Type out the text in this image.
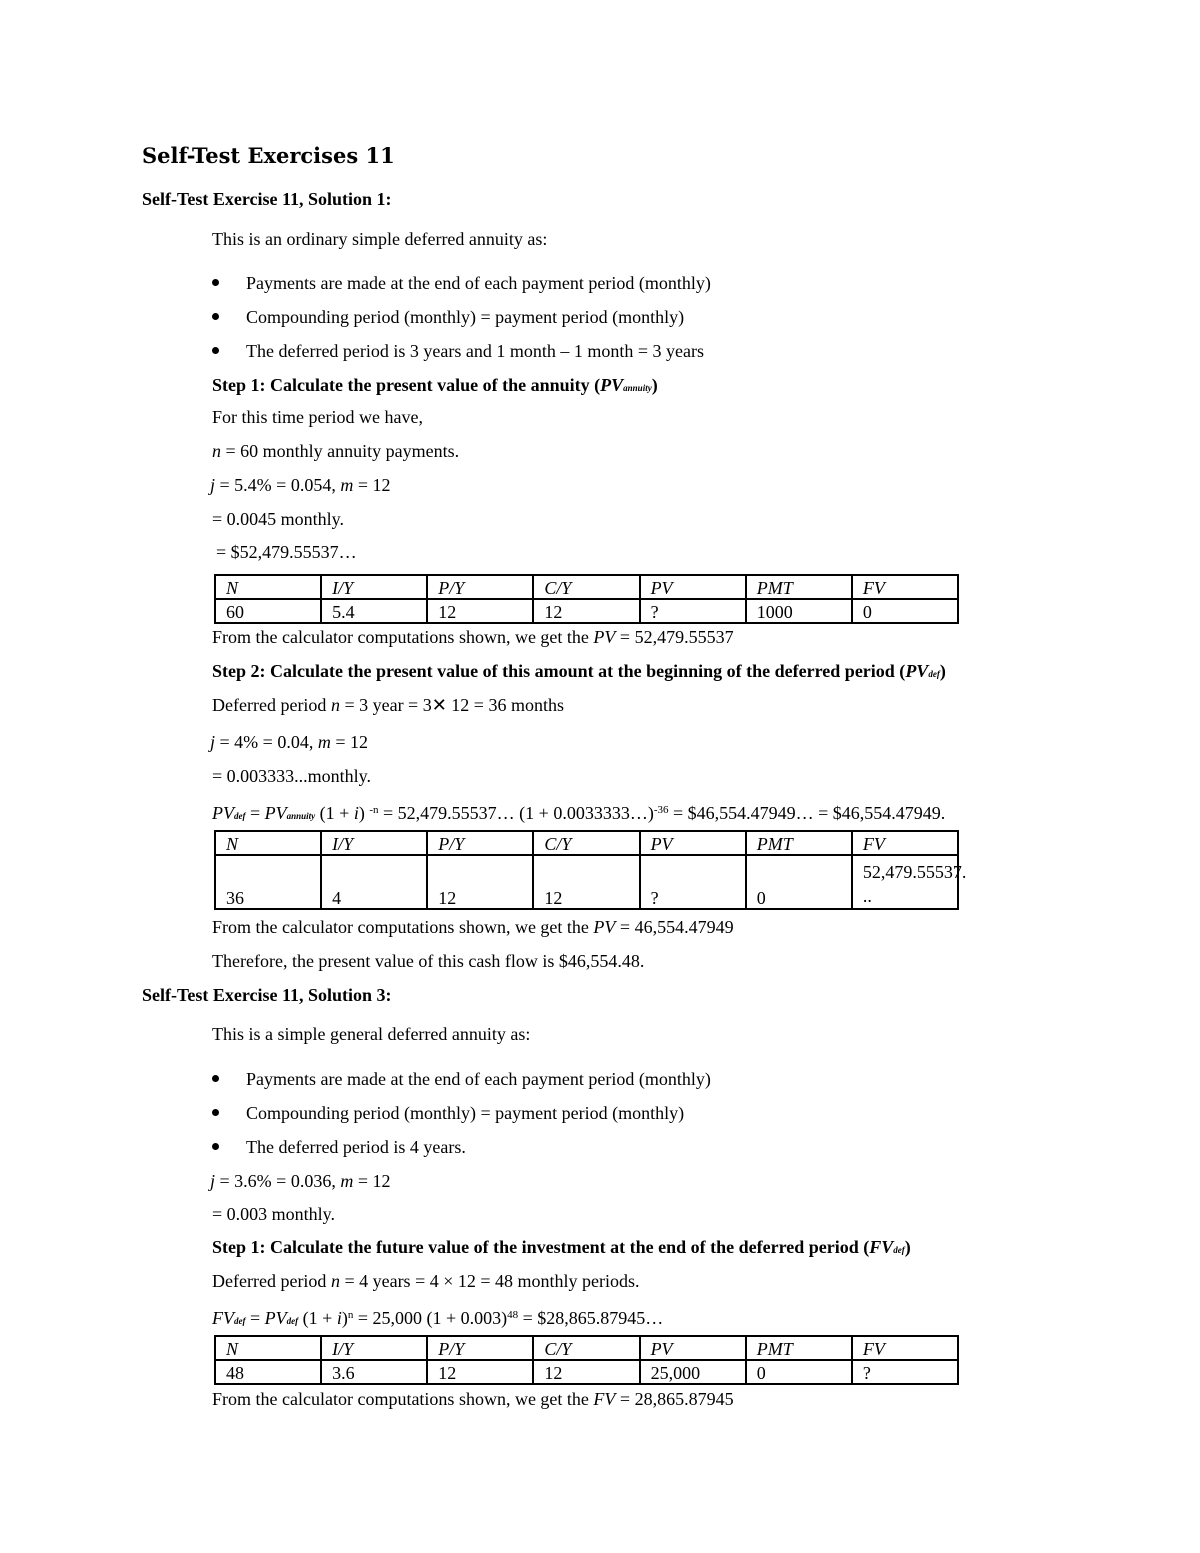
Self-Test Exercises 11
Self-Test Exercise 11, Solution 1:
This is an ordinary simple deferred annuity as:
Payments are made at the end of each payment period (monthly)
Compounding period (monthly) = payment period (monthly)
The deferred period is 3 years and 1 month – 1 month = 3 years
Step 1: Calculate the present value of the annuity (PVannuity)
For this time period we have,
n = 60 monthly annuity payments.
j = 5.4% = 0.054, m = 12
= 0.0045 monthly.
= $52,479.55537…
N	I/Y	P/Y	C/Y	PV	PMT	FV
60	5.4	12	12	?	1000	0
From the calculator computations shown, we get the PV = 52,479.55537
Step 2: Calculate the present value of this amount at the beginning of the deferred period (PVdef)
Deferred period n = 3 year = 3✕ 12 = 36 months
j = 4% = 0.04, m = 12
= 0.003333...monthly.
PVdef = PVannuity (1 + i) $^{-n}$ = 52,479.55537… (1 + 0.0033333…)$^{-36}$ = $46,554.47949… = $46,554.47949.
N	I/Y	P/Y	C/Y	PV	PMT	FV
36	4	12	12	?	0	52,479.55537.
..
From the calculator computations shown, we get the PV = 46,554.47949
Therefore, the present value of this cash flow is $46,554.48.
Self-Test Exercise 11, Solution 3:
This is a simple general deferred annuity as:
Payments are made at the end of each payment period (monthly)
Compounding period (monthly) = payment period (monthly)
The deferred period is 4 years.
j = 3.6% = 0.036, m = 12
= 0.003 monthly.
Step 1: Calculate the future value of the investment at the end of the deferred period (FVdef)
Deferred period n = 4 years = 4 × 12 = 48 monthly periods.
FVdef = PVdef $(1 + i)^n = 25,000$ $(1 + 0.003)^{48}$ = $28,865.87945…
N	I/Y	P/Y	C/Y	PV	PMT	FV
48	3.6	12	12	25,000	0	?
From the calculator computations shown, we get the FV = 28,865.87945
